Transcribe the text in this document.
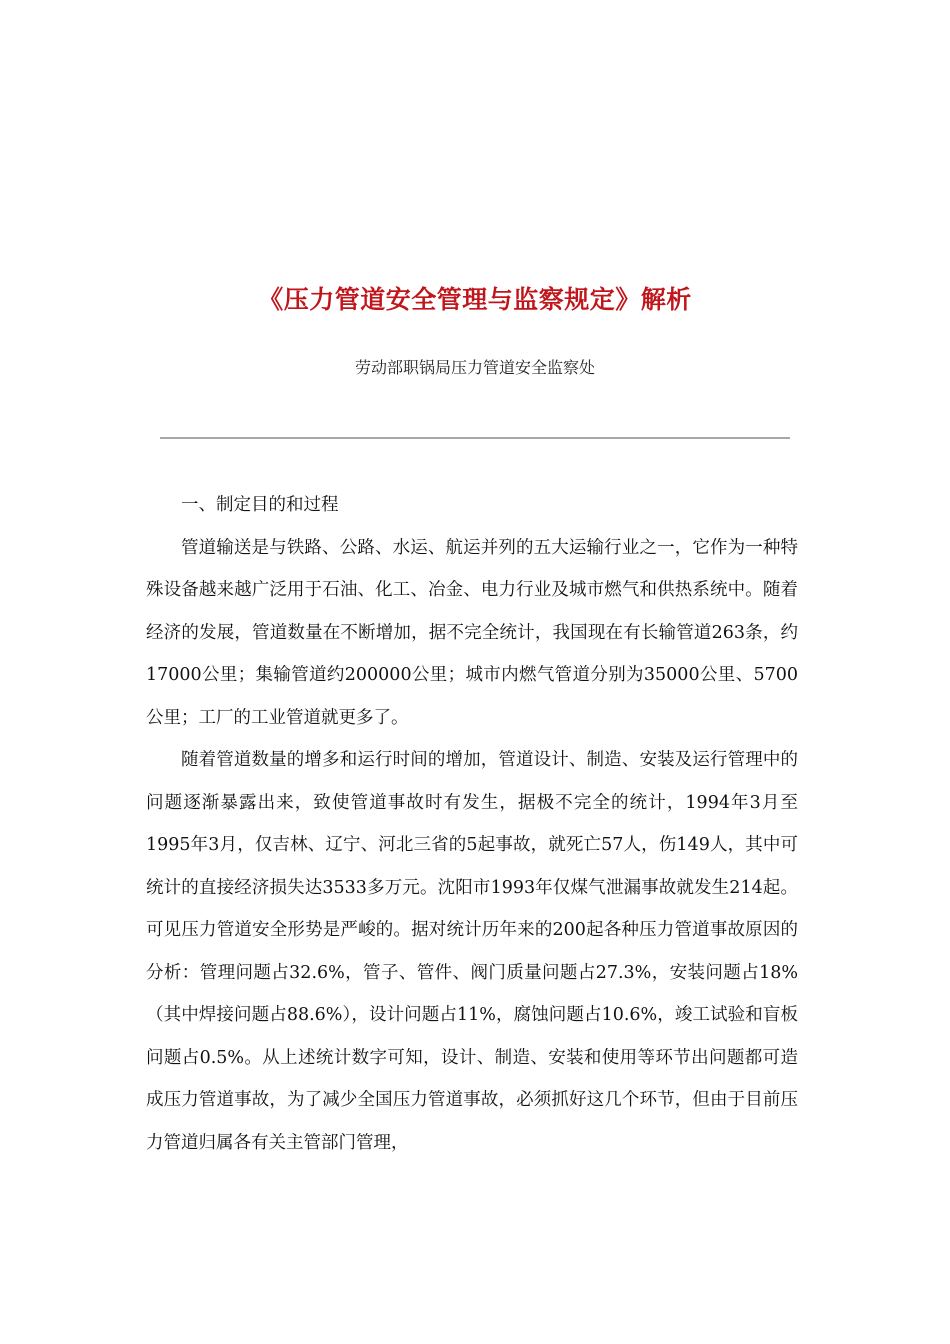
《压力管道安全管理与监察规定》解析
劳动部职锅局压力管道安全监察处

一、制定目的和过程

管道输送是与铁路、公路、水运、航运并列的五大运输行业之一，它作为一种特殊设备越来越广泛用于石油、化工、冶金、电力行业及城市燃气和供热系统中。随着经济的发展，管道数量在不断增加，据不完全统计，我国现在有长输管道263条，约17000公里；集输管道约200000公里；城市内燃气管道分别为35000公里、5700公里；工厂的工业管道就更多了。

随着管道数量的增多和运行时间的增加，管道设计、制造、安装及运行管理中的问题逐渐暴露出来，致使管道事故时有发生，据极不完全的统计，1994年3月至1995年3月，仅吉林、辽宁、河北三省的5起事故，就死亡57人，伤149人，其中可统计的直接经济损失达3533多万元。沈阳市1993年仅煤气泄漏事故就发生214起。可见压力管道安全形势是严峻的。据对统计历年来的200起各种压力管道事故原因的分析：管理问题占32.6%，管子、管件、阀门质量问题占27.3%，安装问题占18%（其中焊接问题占88.6%），设计问题占11%，腐蚀问题占10.6%，竣工试验和盲板问题占0.5%。从上述统计数字可知，设计、制造、安装和使用等环节出问题都可造成压力管道事故，为了减少全国压力管道事故，必须抓好这几个环节，但由于目前压力管道归属各有关主管部门管理，
